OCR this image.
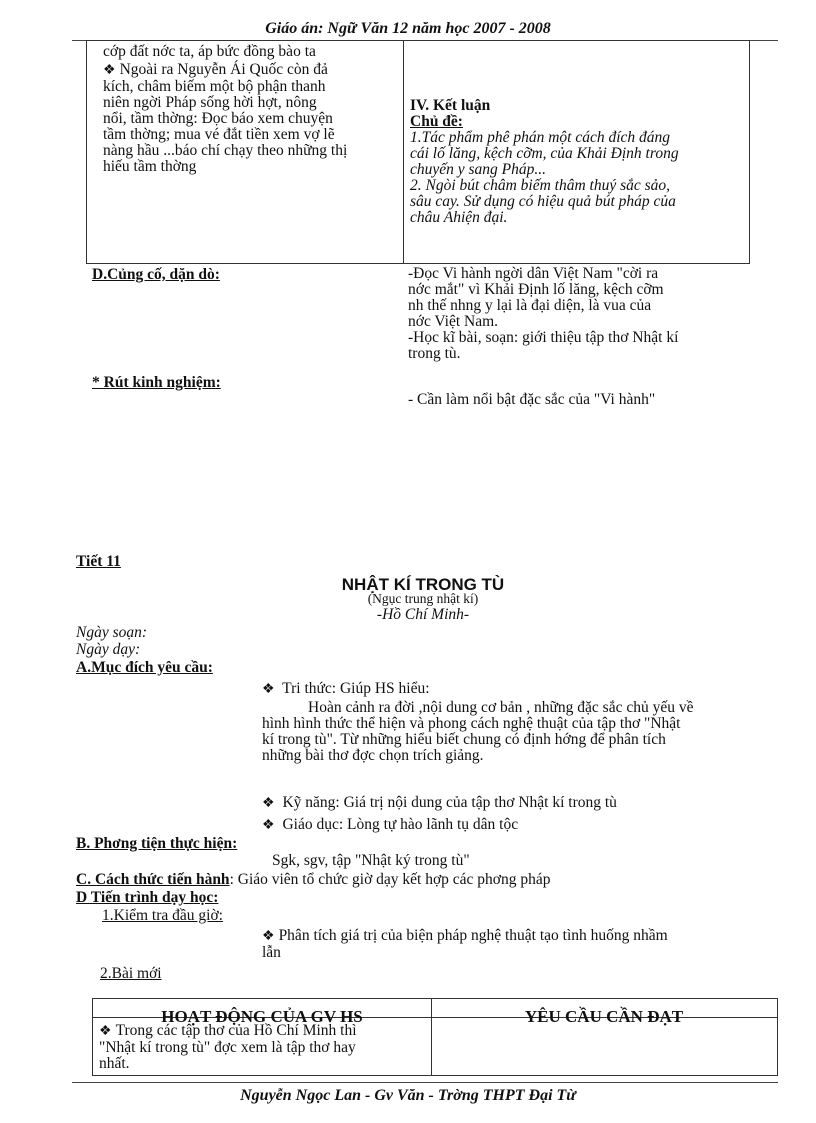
Giáo án: Ngữ Văn 12 năm học 2007 - 2008
cớp đất nớc ta, áp bức đồng bào ta
❖ Ngoài ra Nguyễn Ái Quốc còn đả
kích, châm biếm một bộ phận thanh
niên ngời Pháp sống hời hợt, nông
nổi, tầm thờng: Đọc báo xem chuyện
tầm thờng; mua vé đắt tiền xem vợ lẽ
nàng hầu ...báo chí chạy theo những thị
hiếu tầm thờng
IV. Kết luận
Chủ đề:
1.Tác phẩm phê phán một cách đích đáng
cái lố lăng, kệch cỡm, của Khải Định trong
chuyến y sang Pháp...
2. Ngòi bút châm biếm thâm thuý sắc sảo,
sâu cay. Sử dụng có hiệu quả bút pháp của
châu Ahiện đại.
D.Củng cố, dặn dò:	-Đọc Vi hành ngời dân Việt Nam "cời ra
nớc mắt" vì Khải Định lố lăng, kệch cỡm
nh thế nhng y lại là đại diện, là vua của
nớc Việt Nam.
-Học kĩ bài, soạn: giới thiệu tập thơ Nhật kí
trong tù.
* Rút kinh nghiệm:
- Cần làm nổi bật đặc sắc của "Vi hành"
Tiết 11
NHẬT KÍ TRONG TÙ
(Ngục trung nhật kí)
-Hồ Chí Minh-
Ngày soạn:
Ngày dạy:
A.Mục đích yêu cầu:
❖ Tri thức: Giúp HS hiểu:
Hoàn cảnh ra đời ,nội dung cơ bản , những đặc sắc chủ yếu về
hình hình thức thể hiện và phong cách nghệ thuật của tập thơ "Nhật
kí trong tù". Từ những hiểu biết chung có định hớng để phân tích
những bài thơ đợc chọn trích giảng.
❖ Kỹ năng: Giá trị nội dung của tập thơ Nhật kí trong tù
❖ Giáo dục: Lòng tự hào lãnh tụ dân tộc
B. Phơng tiện thực hiện:
Sgk, sgv, tập "Nhật ký trong tù"
C. Cách thức tiến hành: Giáo viên tổ chức giờ dạy kết hợp các phơng pháp
D Tiến trình dạy học:
1.Kiểm tra đầu giờ:
❖ Phân tích giá trị của biện pháp nghệ thuật tạo tình huống nhầm
lẫn
2.Bài mới
HOẠT ĐỘNG CỦA GV HS	YÊU CẦU CẦN ĐẠT
❖ Trong các tập thơ của Hồ Chí Minh thì
"Nhật kí trong tù" đợc xem là tập thơ hay
nhất.
Nguyễn Ngọc Lan - Gv Văn - Trờng THPT Đại Từ
